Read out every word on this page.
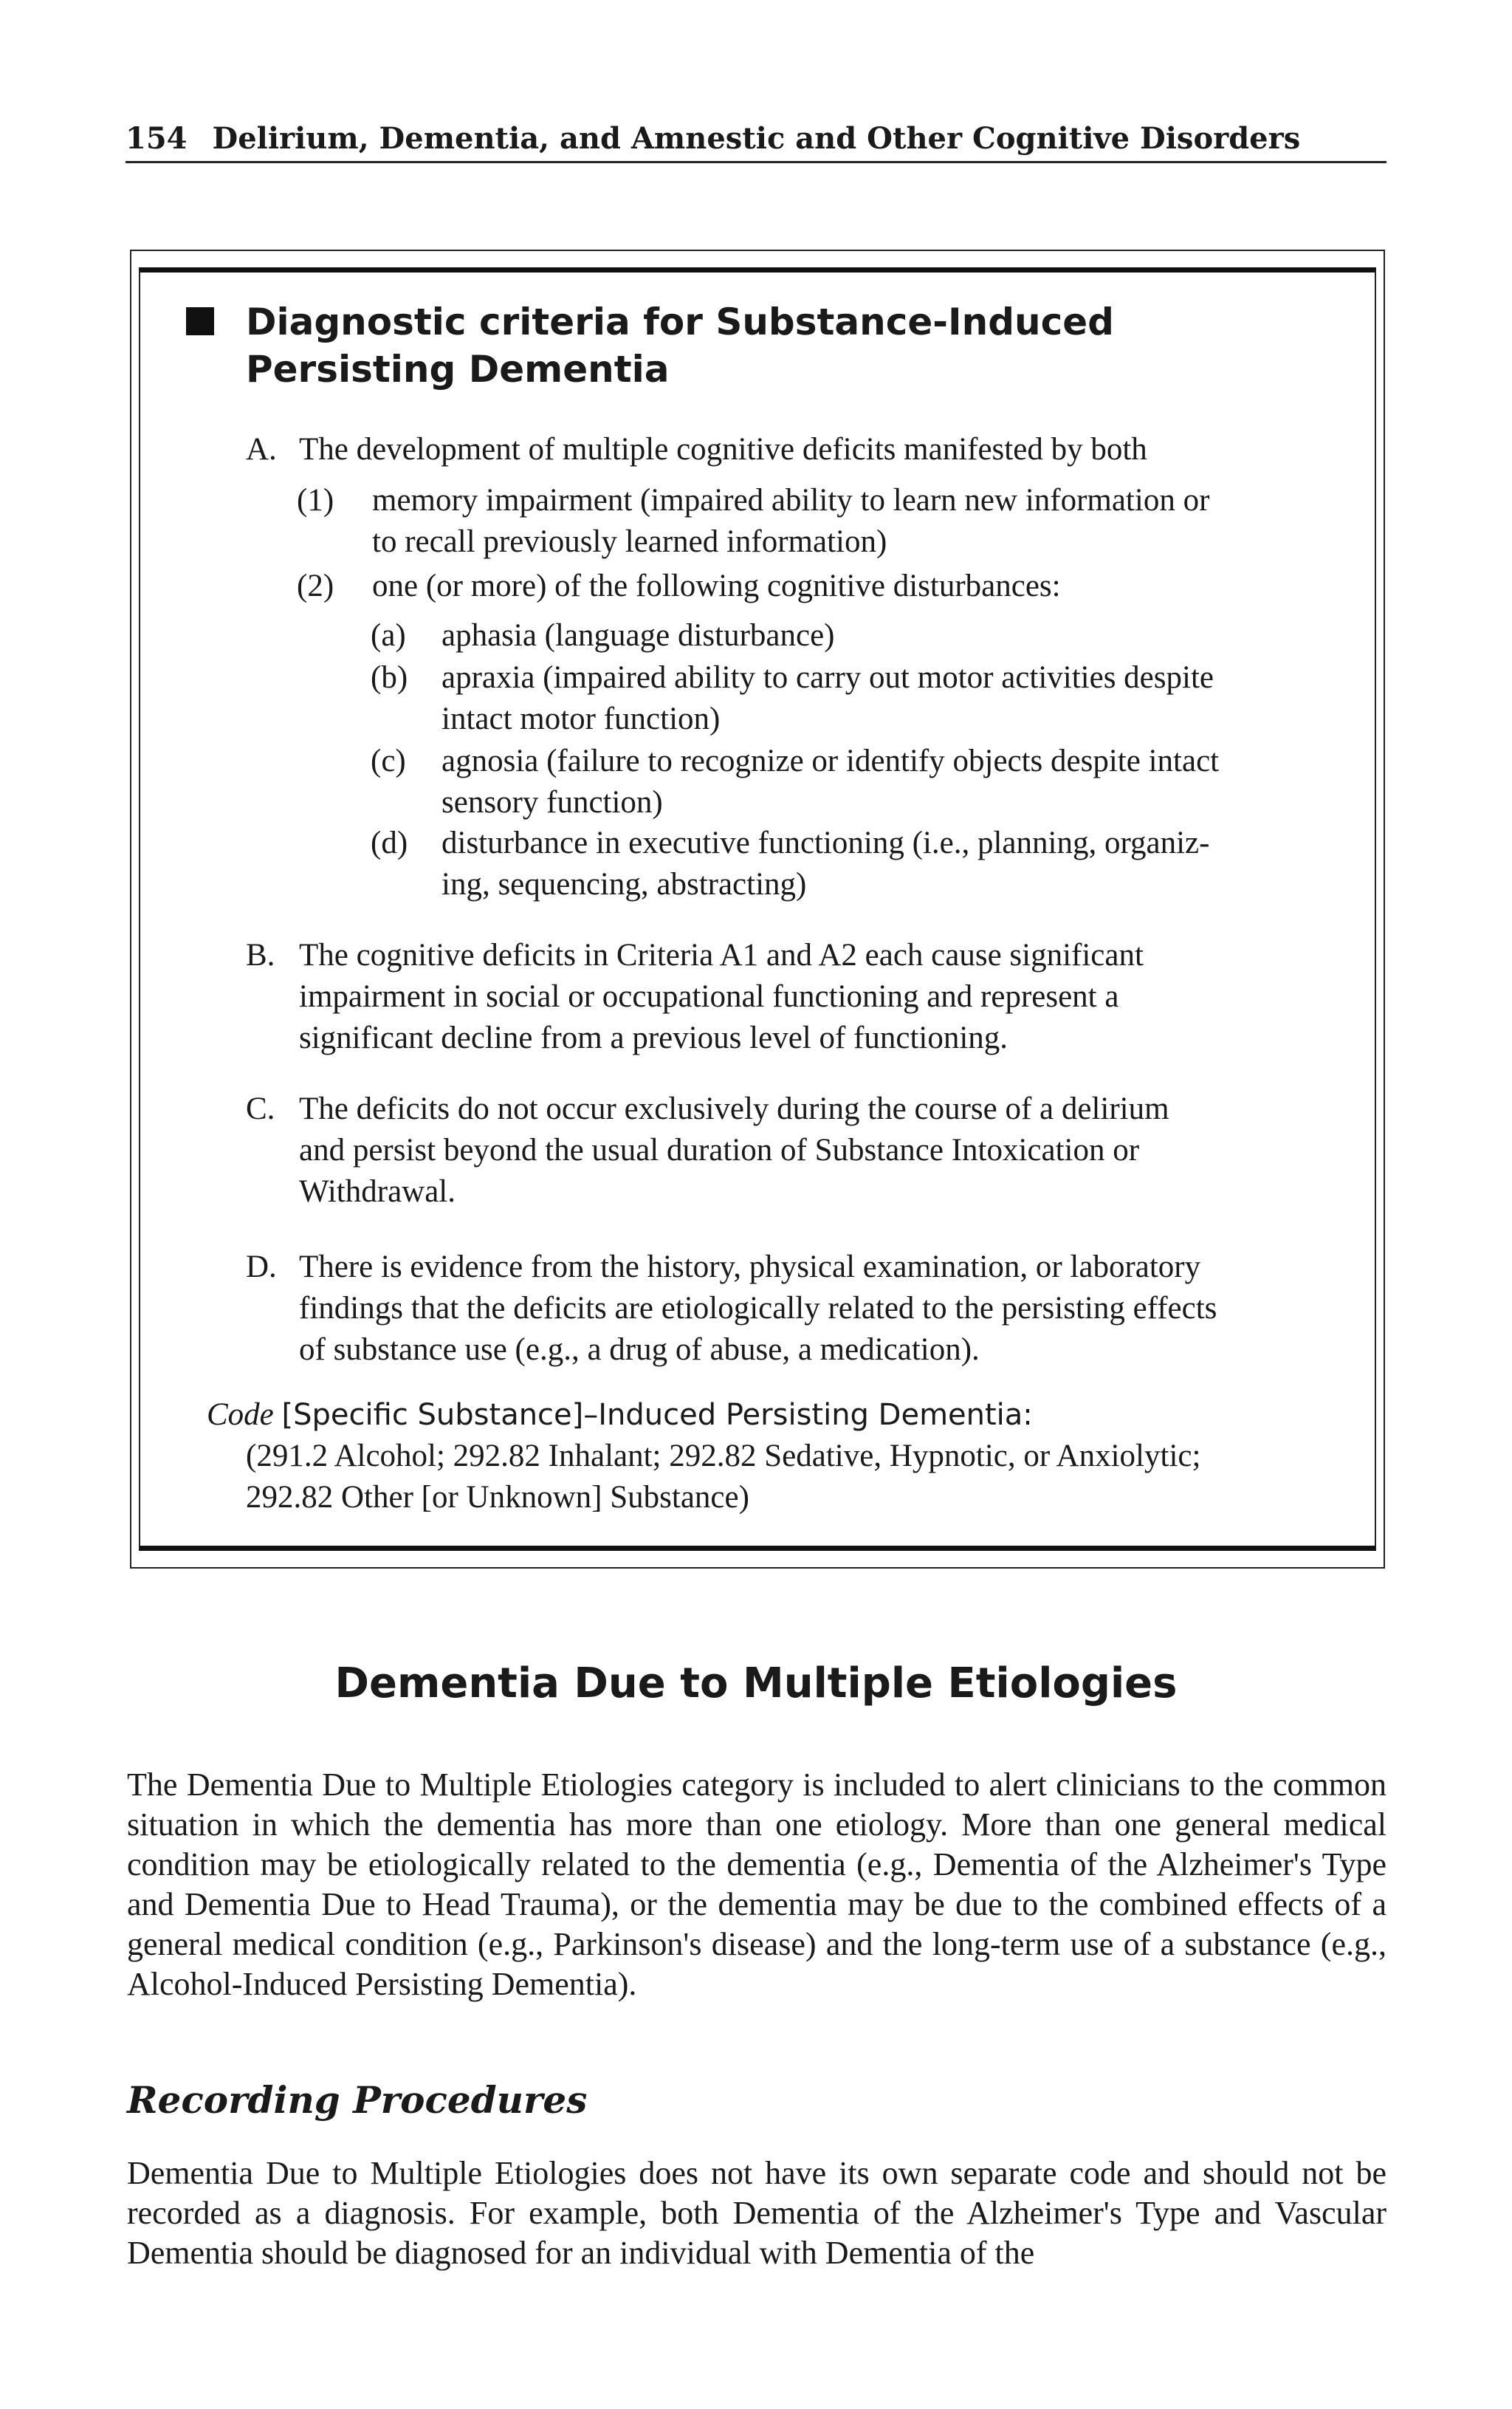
154 Delirium, Dementia, and Amnestic and Other Cognitive Disorders
Diagnostic criteria for Substance-Induced
Persisting Dementia
A. The development of multiple cognitive deficits manifested by both
(1) memory impairment (impaired ability to learn new information or
to recall previously learned information)
(2) one (or more) of the following cognitive disturbances:
(a) aphasia (language disturbance)
(b) apraxia (impaired ability to carry out motor activities despite
intact motor function)
(c) agnosia (failure to recognize or identify objects despite intact
sensory function)
(d) disturbance in executive functioning (i.e., planning, organiz-
ing, sequencing, abstracting)
B. The cognitive deficits in Criteria A1 and A2 each cause significant
impairment in social or occupational functioning and represent a
significant decline from a previous level of functioning.
C. The deficits do not occur exclusively during the course of a delirium
and persist beyond the usual duration of Substance Intoxication or
Withdrawal.
D. There is evidence from the history, physical examination, or laboratory
findings that the deficits are etiologically related to the persisting effects
of substance use (e.g., a drug of abuse, a medication).
Code [Specific Substance]–Induced Persisting Dementia:
(291.2 Alcohol; 292.82 Inhalant; 292.82 Sedative, Hypnotic, or Anxiolytic;
292.82 Other [or Unknown] Substance)
Dementia Due to Multiple Etiologies
The Dementia Due to Multiple Etiologies category is included to alert clinicians to the common situation in which the dementia has more than one etiology. More than one general medical condition may be etiologically related to the dementia (e.g., Dementia of the Alzheimer's Type and Dementia Due to Head Trauma), or the dementia may be due to the combined effects of a general medical condition (e.g., Parkinson's disease) and the long-term use of a substance (e.g., Alcohol-Induced Persisting Dementia).
Recording Procedures
Dementia Due to Multiple Etiologies does not have its own separate code and should not be recorded as a diagnosis. For example, both Dementia of the Alzheimer's Type and Vascular Dementia should be diagnosed for an individual with Dementia of the
